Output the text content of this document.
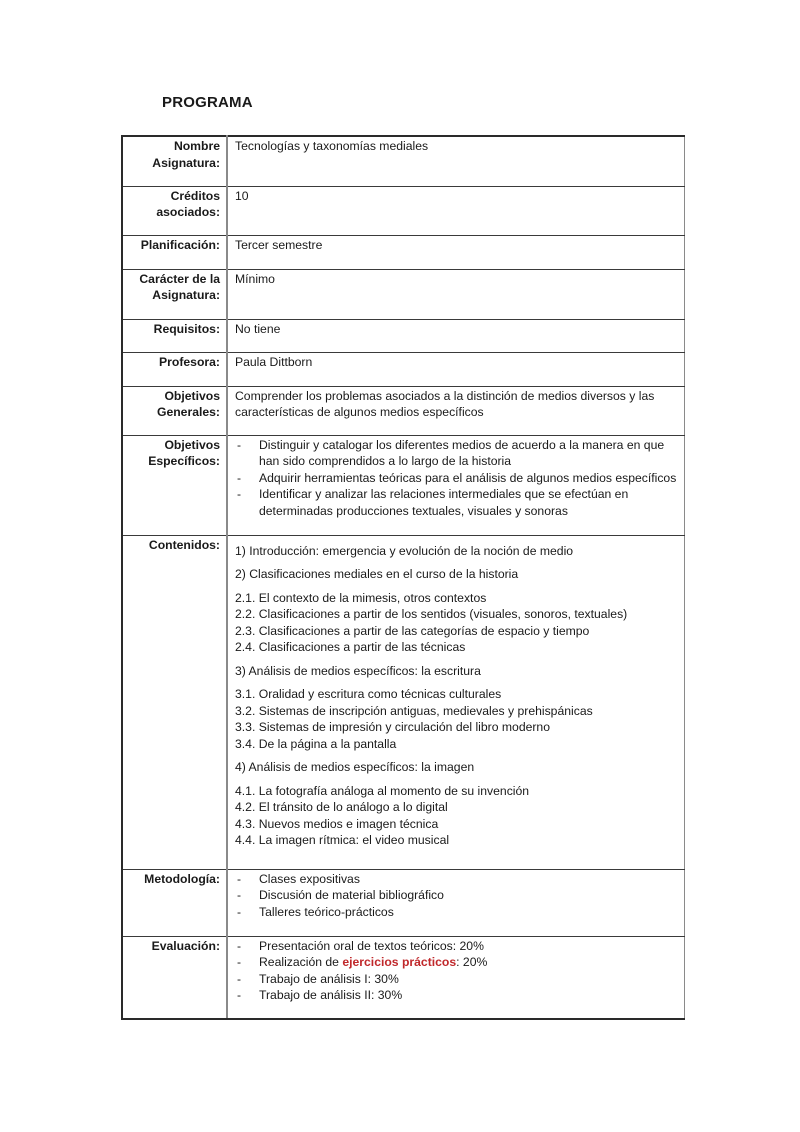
PROGRAMA
Nombre
Asignatura:	Tecnologías y taxonomías mediales

Créditos
asociados:	10
Planificación:	Tercer semestre

Carácter de la
Asignatura:	Mínimo
Requisitos:	No tiene
Profesora:	Paula Dittborn

Objetivos
Generales:

Comprender los problemas asociados a la distinción de medios diversos y las
características de algunos medios específicos

Objetivos
Específicos:

- Distinguir y catalogar los diferentes medios de acuerdo a la manera en que
han sido comprendidos a lo largo de la historia
- Adquirir herramientas teóricas para el análisis de algunos medios específicos
- Identificar y analizar las relaciones intermediales que se efectúan en
determinadas producciones textuales, visuales y sonoras

Contenidos:	1) Introducción: emergencia y evolución de la noción de medio

2) Clasificaciones mediales en el curso de la historia

2.1. El contexto de la mimesis, otros contextos
2.2. Clasificaciones a partir de los sentidos (visuales, sonoros, textuales)
2.3. Clasificaciones a partir de las categorías de espacio y tiempo
2.4. Clasificaciones a partir de las técnicas

3) Análisis de medios específicos: la escritura

3.1. Oralidad y escritura como técnicas culturales
3.2. Sistemas de inscripción antiguas, medievales y prehispánicas
3.3. Sistemas de impresión y circulación del libro moderno
3.4. De la página a la pantalla

4) Análisis de medios específicos: la imagen

4.1. La fotografía análoga al momento de su invención
4.2. El tránsito de lo análogo a lo digital
4.3. Nuevos medios e imagen técnica
4.4. La imagen rítmica: el video musical

Metodología:	
-Clases expositivas
- Discusión de material bibliográfico
- Talleres teórico-prácticos

Evaluación:	
-Presentación oral de textos teóricos: 20%
- Realización de ejercicios prácticos: 20%
- Trabajo de análisis I: 30%
- Trabajo de análisis II: 30%
